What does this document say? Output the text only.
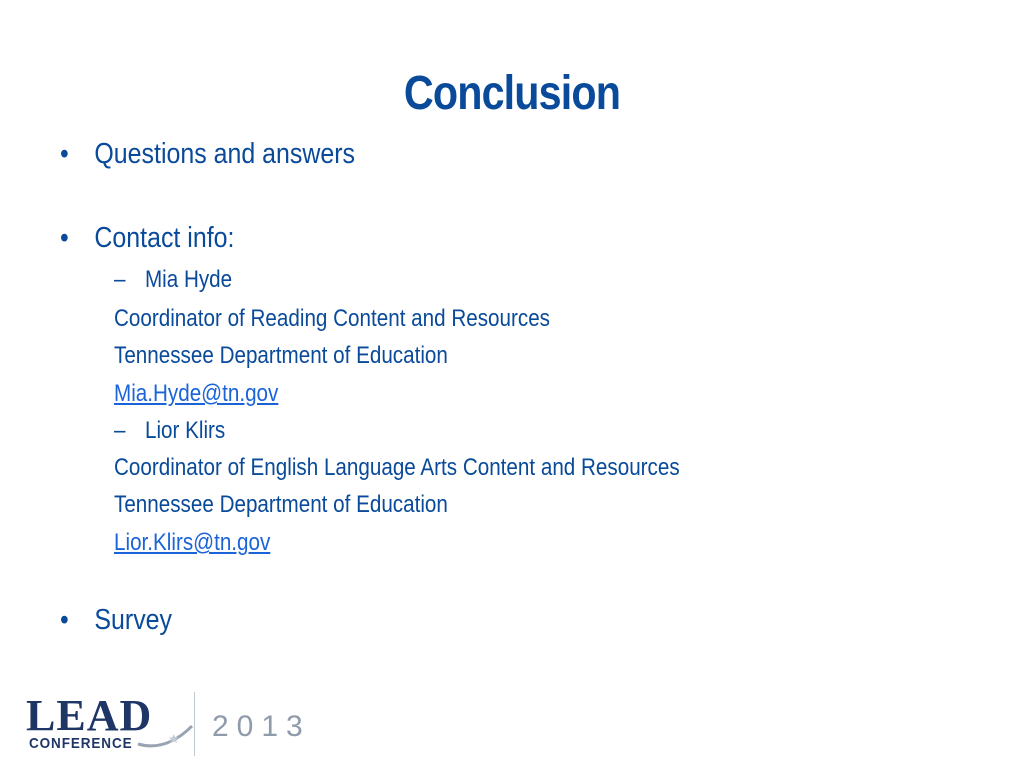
Conclusion
• Questions and answers
• Contact info:
– Mia Hyde
Coordinator of Reading Content and Resources
Tennessee Department of Education
Mia.Hyde@tn.gov
– Lior Klirs
Coordinator of English Language Arts Content and Resources
Tennessee Department of Education
Lior.Klirs@tn.gov
• Survey
LEAD
CONFERENCE
2013
